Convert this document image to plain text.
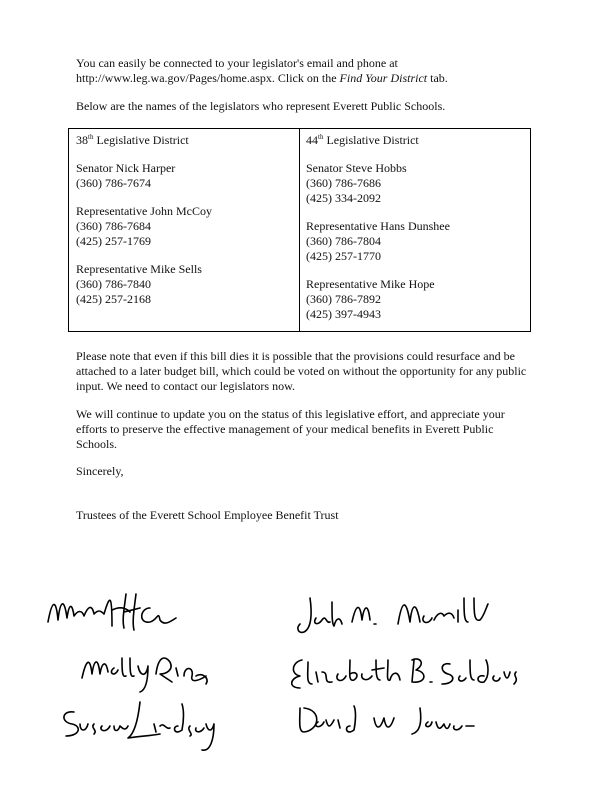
You can easily be connected to your legislator's email and phone at
http://www.leg.wa.gov/Pages/home.aspx. Click on the Find Your District tab.

Below are the names of the legislators who represent Everett Public Schools.

38th Legislative District
Senator Nick Harper
(360) 786-7674
Representative John McCoy
(360) 786-7684
(425) 257-1769
Representative Mike Sells
(360) 786-7840
(425) 257-2168
44th Legislative District
Senator Steve Hobbs
(360) 786-7686
(425) 334-2092
Representative Hans Dunshee
(360) 786-7804
(425) 257-1770
Representative Mike Hope
(360) 786-7892
(425) 397-4943

Please note that even if this bill dies it is possible that the provisions could resurface and be attached to a later budget bill, which could be voted on without the opportunity for any public input. We need to contact our legislators now.

We will continue to update you on the status of this legislative effort, and appreciate your efforts to preserve the effective management of your medical benefits in Everett Public Schools.

Sincerely,
Trustees of the Everett School Employee Benefit Trust
